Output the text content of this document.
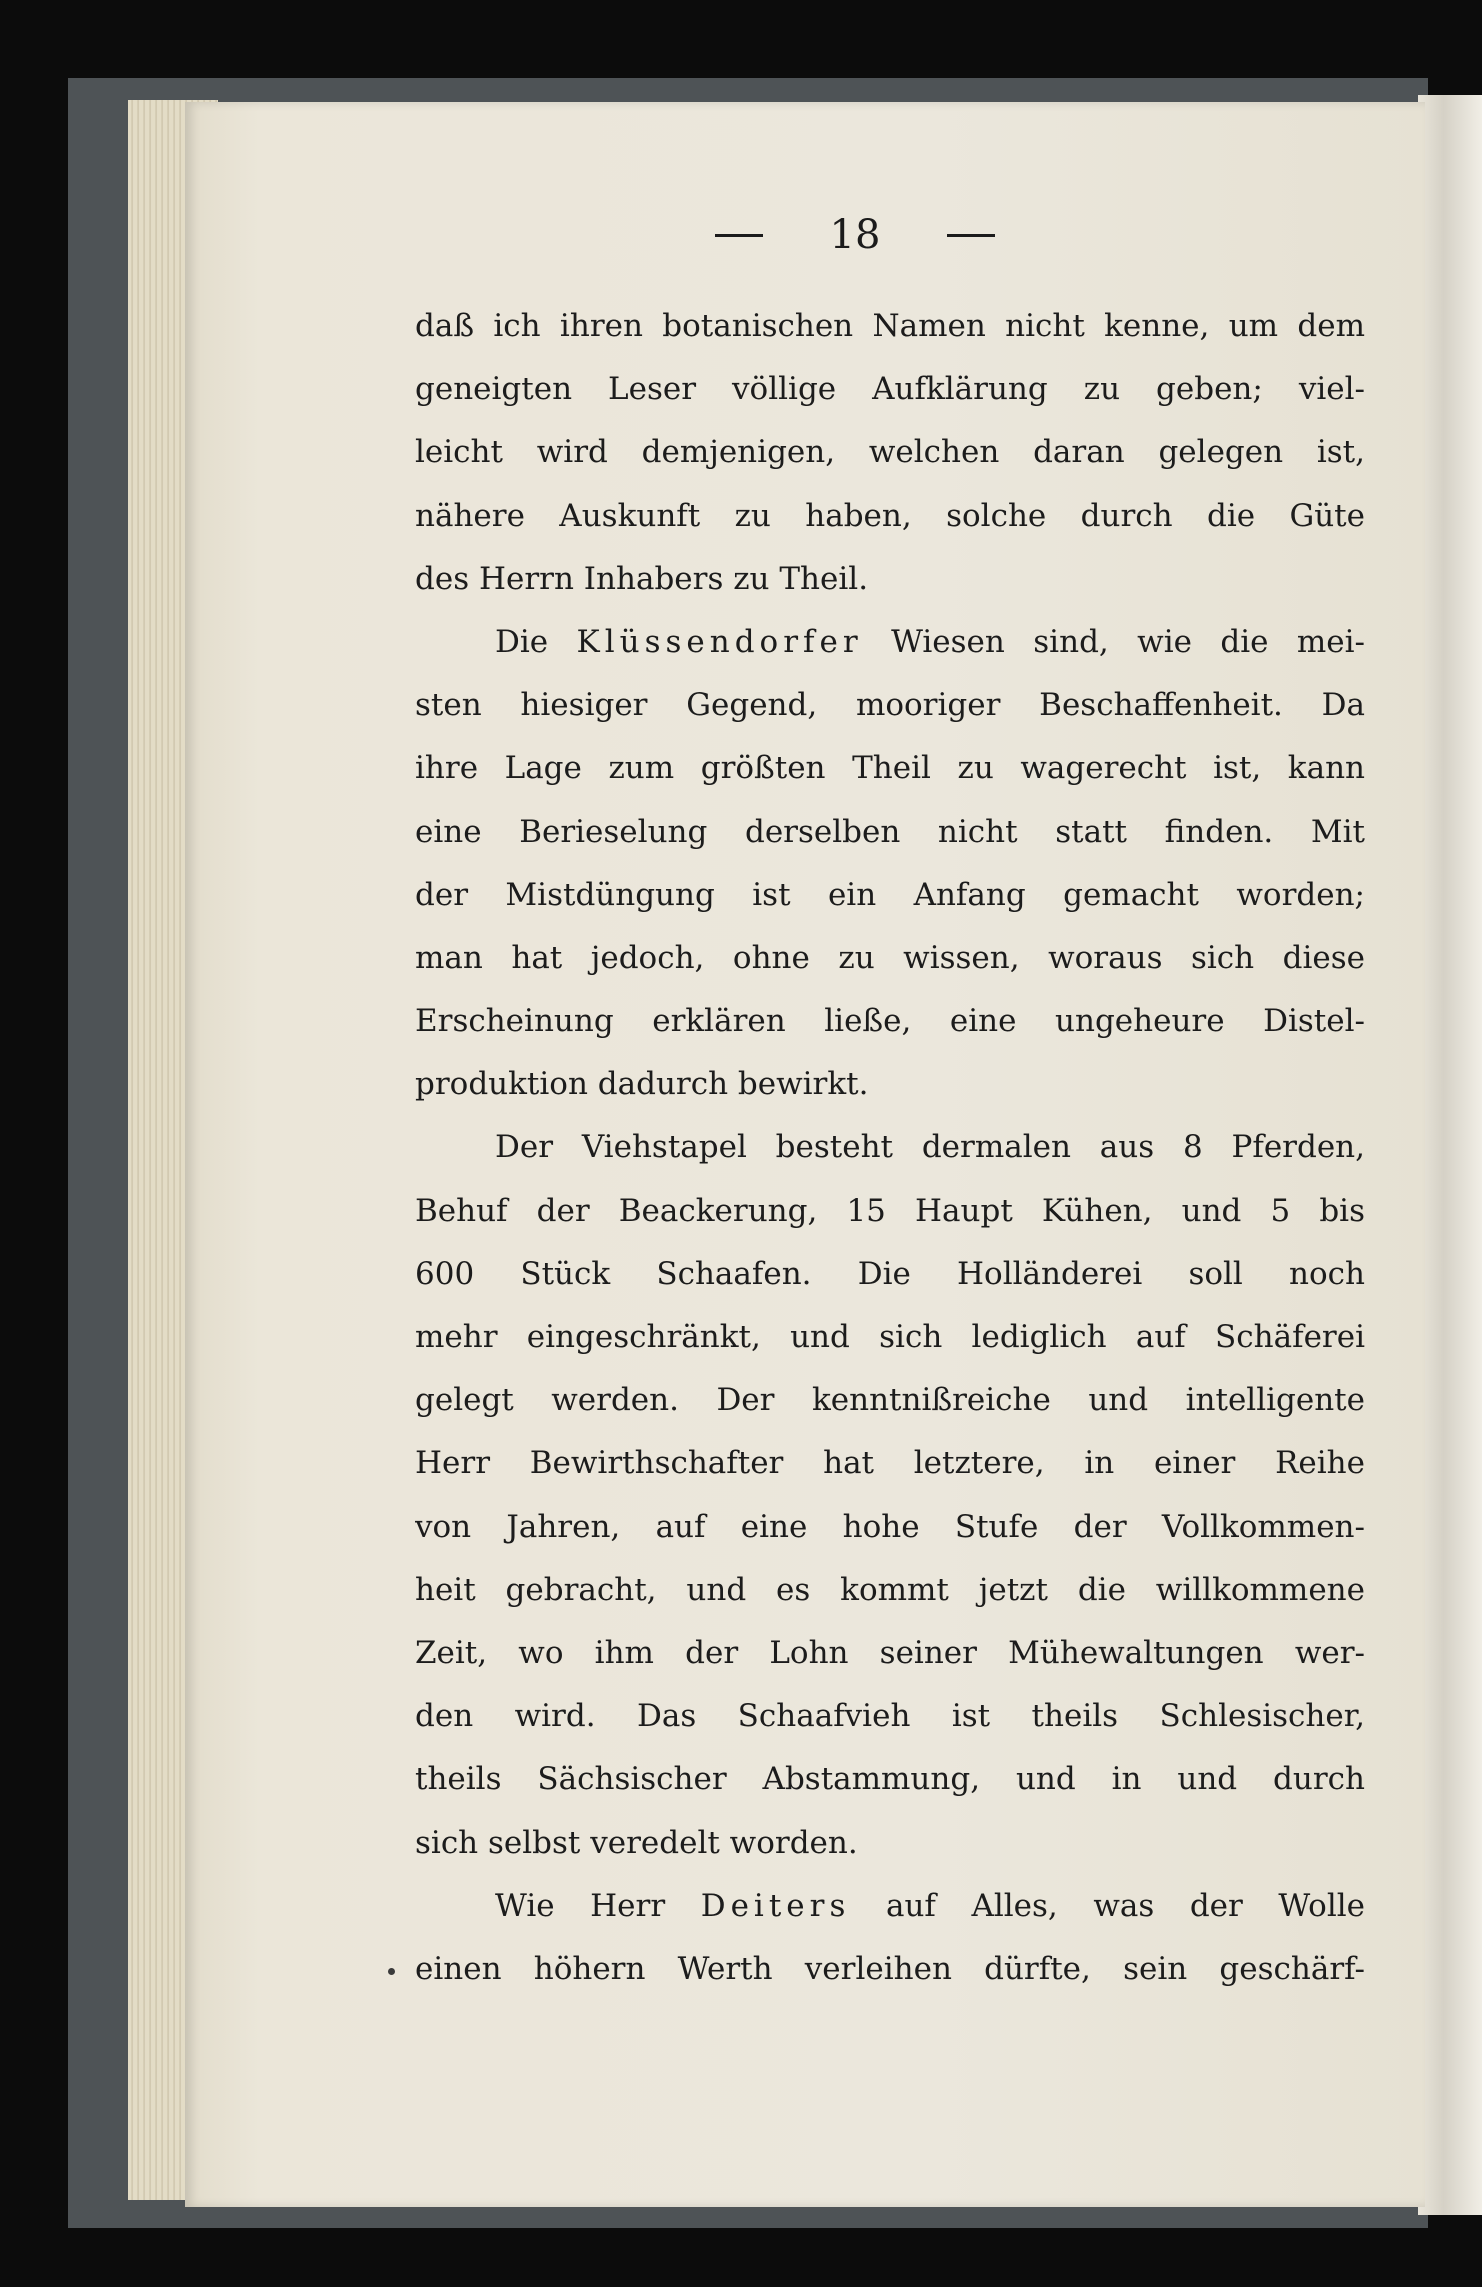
18
daß ich ihren botanischen Namen nicht kenne, um dem
geneigten Leser völlige Aufklärung zu geben; viel-
leicht wird demjenigen, welchen daran gelegen ist,
nähere Auskunft zu haben, solche durch die Güte
des Herrn Inhabers zu Theil.
Die Klüssendorfer Wiesen sind, wie die mei-
sten hiesiger Gegend, mooriger Beschaffenheit. Da
ihre Lage zum größten Theil zu wagerecht ist, kann
eine Berieselung derselben nicht statt finden. Mit
der Mistdüngung ist ein Anfang gemacht worden;
man hat jedoch, ohne zu wissen, woraus sich diese
Erscheinung erklären ließe, eine ungeheure Distel-
produktion dadurch bewirkt.
Der Viehstapel besteht dermalen aus 8 Pferden,
Behuf der Beackerung, 15 Haupt Kühen, und 5 bis
600 Stück Schaafen. Die Holländerei soll noch
mehr eingeschränkt, und sich lediglich auf Schäferei
gelegt werden. Der kenntnißreiche und intelligente
Herr Bewirthschafter hat letztere, in einer Reihe
von Jahren, auf eine hohe Stufe der Vollkommen-
heit gebracht, und es kommt jetzt die willkommene
Zeit, wo ihm der Lohn seiner Mühewaltungen wer-
den wird. Das Schaafvieh ist theils Schlesischer,
theils Sächsischer Abstammung, und in und durch
sich selbst veredelt worden.
Wie Herr Deiters auf Alles, was der Wolle
einen höhern Werth verleihen dürfte, sein geschärf-
